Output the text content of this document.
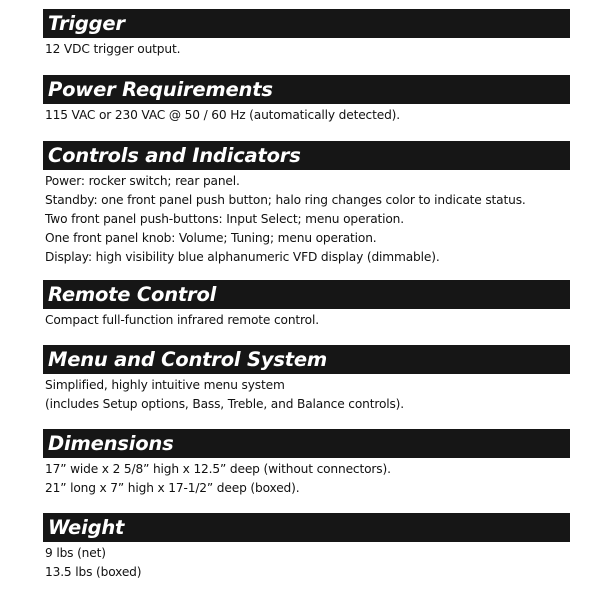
Trigger
12 VDC trigger output.
Power Requirements
115 VAC or 230 VAC @ 50 / 60 Hz (automatically detected).
Controls and Indicators
Power: rocker switch; rear panel.
Standby: one front panel push button; halo ring changes color to indicate status.
Two front panel push-buttons: Input Select; menu operation.
One front panel knob: Volume; Tuning; menu operation.
Display: high visibility blue alphanumeric VFD display (dimmable).
Remote Control
Compact full-function infrared remote control.
Menu and Control System
Simplified, highly intuitive menu system
(includes Setup options, Bass, Treble, and Balance controls).
Dimensions
17” wide x 2 5/8” high x 12.5” deep (without connectors).
21” long x 7” high x 17-1/2” deep (boxed).
Weight
9 lbs (net)
13.5 lbs (boxed)
